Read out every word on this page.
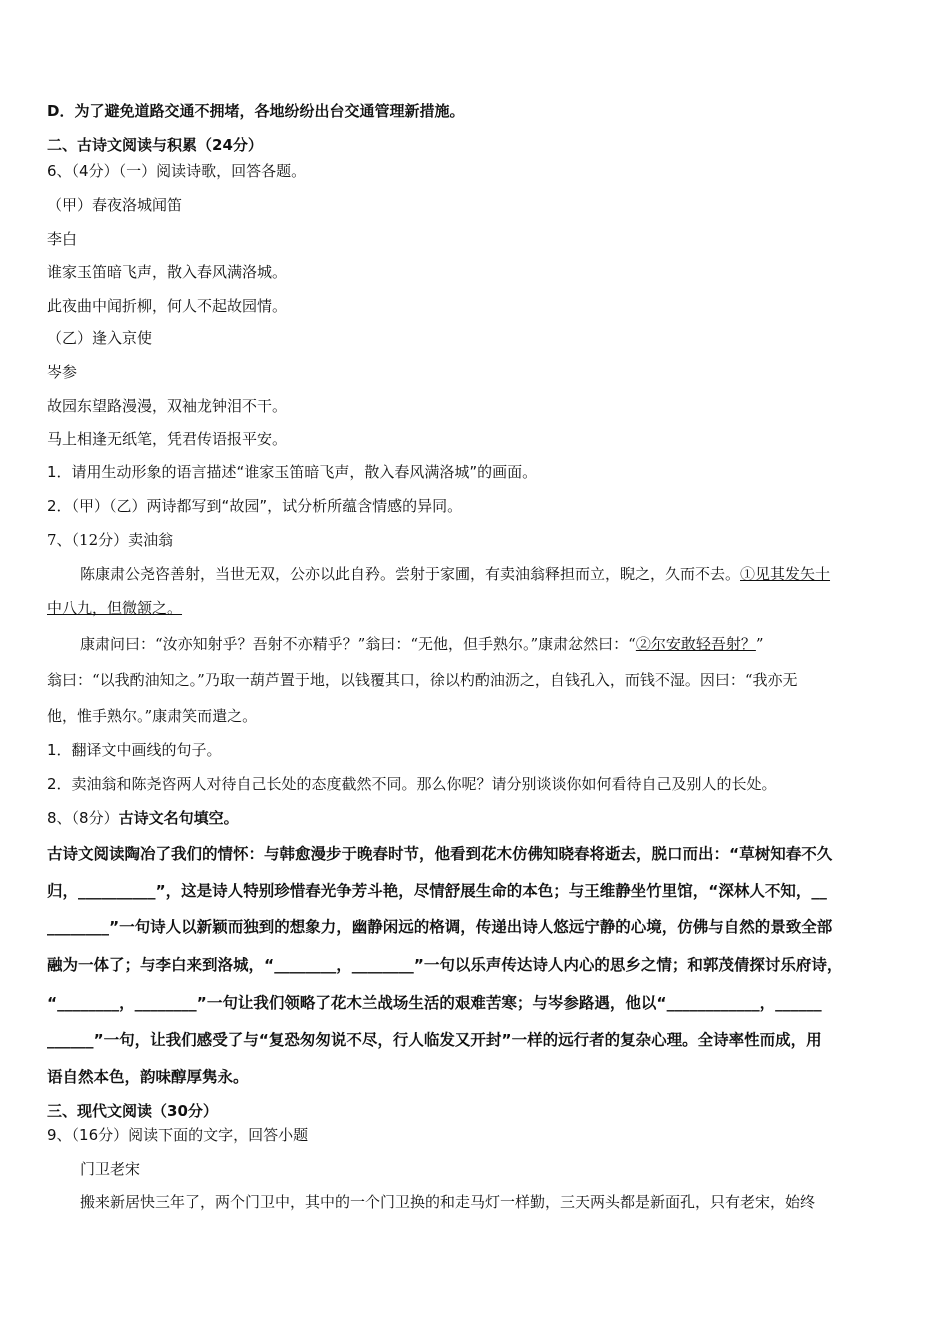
D．为了避免道路交通不拥堵，各地纷纷出台交通管理新措施。
二、古诗文阅读与积累（24分）
6、（4分）（一）阅读诗歌，回答各题。
（甲）春夜洛城闻笛
李白
谁家玉笛暗飞声，散入春风满洛城。
此夜曲中闻折柳，何人不起故园情。
（乙）逢入京使
岑参
故园东望路漫漫，双袖龙钟泪不干。
马上相逢无纸笔，凭君传语报平安。
1．请用生动形象的语言描述“谁家玉笛暗飞声，散入春风满洛城”的画面。
2．（甲）（乙）两诗都写到“故园”，试分析所蕴含情感的异同。
7、（12分）卖油翁
陈康肃公尧咨善射，当世无双，公亦以此自矜。尝射于家圃，有卖油翁释担而立，睨之，久而不去。①见其发矢十
中八九，但微颔之。
康肃问曰：“汝亦知射乎？吾射不亦精乎？”翁曰：“无他，但手熟尔。”康肃忿然曰：“②尔安敢轻吾射？”
翁曰：“以我酌油知之。”乃取一葫芦置于地，以钱覆其口，徐以杓酌油沥之，自钱孔入，而钱不湿。因曰：“我亦无
他，惟手熟尔。”康肃笑而遣之。
1．翻译文中画线的句子。
2．卖油翁和陈尧咨两人对待自己长处的态度截然不同。那么你呢？请分别谈谈你如何看待自己及别人的长处。
8、（8分）古诗文名句填空。
古诗文阅读陶冶了我们的情怀：与韩愈漫步于晚春时节，他看到花木仿佛知晓春将逝去，脱口而出：“草树知春不久
归，__________”，这是诗人特别珍惜春光争芳斗艳，尽情舒展生命的本色；与王维静坐竹里馆，“深林人不知，__
________”一句诗人以新颖而独到的想象力，幽静闲远的格调，传递出诗人悠远宁静的心境，仿佛与自然的景致全部
融为一体了；与李白来到洛城，“________，________”一句以乐声传达诗人内心的思乡之情；和郭茂倩探讨乐府诗，
“________，________”一句让我们领略了花木兰战场生活的艰难苦寒；与岑参路遇，他以“____________，______
______”一句，让我们感受了与“复恐匆匆说不尽，行人临发又开封”一样的远行者的复杂心理。全诗率性而成，用
语自然本色，韵味醇厚隽永。
三、现代文阅读（30分）
9、（16分）阅读下面的文字，回答小题
门卫老宋
搬来新居快三年了，两个门卫中，其中的一个门卫换的和走马灯一样勤，三天两头都是新面孔，只有老宋，始终
